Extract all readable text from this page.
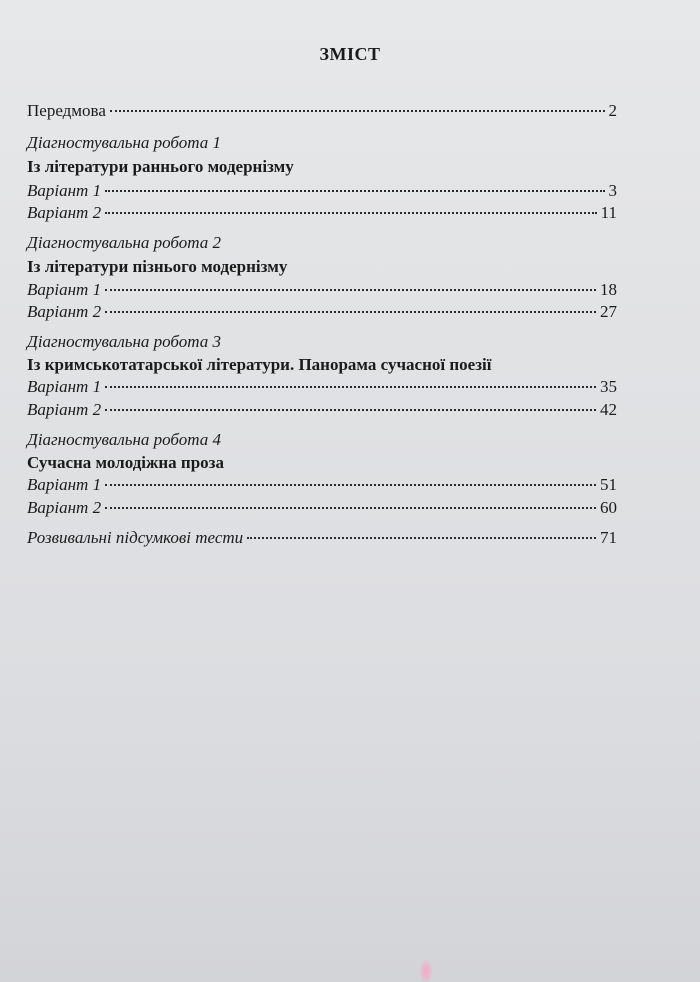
ЗМІСТ
Передмова	2
Діагностувальна робота 1
Із літератури раннього модернізму
Варіант 1	3
Варіант 2	11
Діагностувальна робота 2
Із літератури пізнього модернізму
Варіант 1	18
Варіант 2	27
Діагностувальна робота 3
Із кримськотатарської літератури. Панорама сучасної поезії
Варіант 1	35
Варіант 2	42
Діагностувальна робота 4
Сучасна молодіжна проза
Варіант 1	51
Варіант 2	60
Розвивальні підсумкові тести	71
